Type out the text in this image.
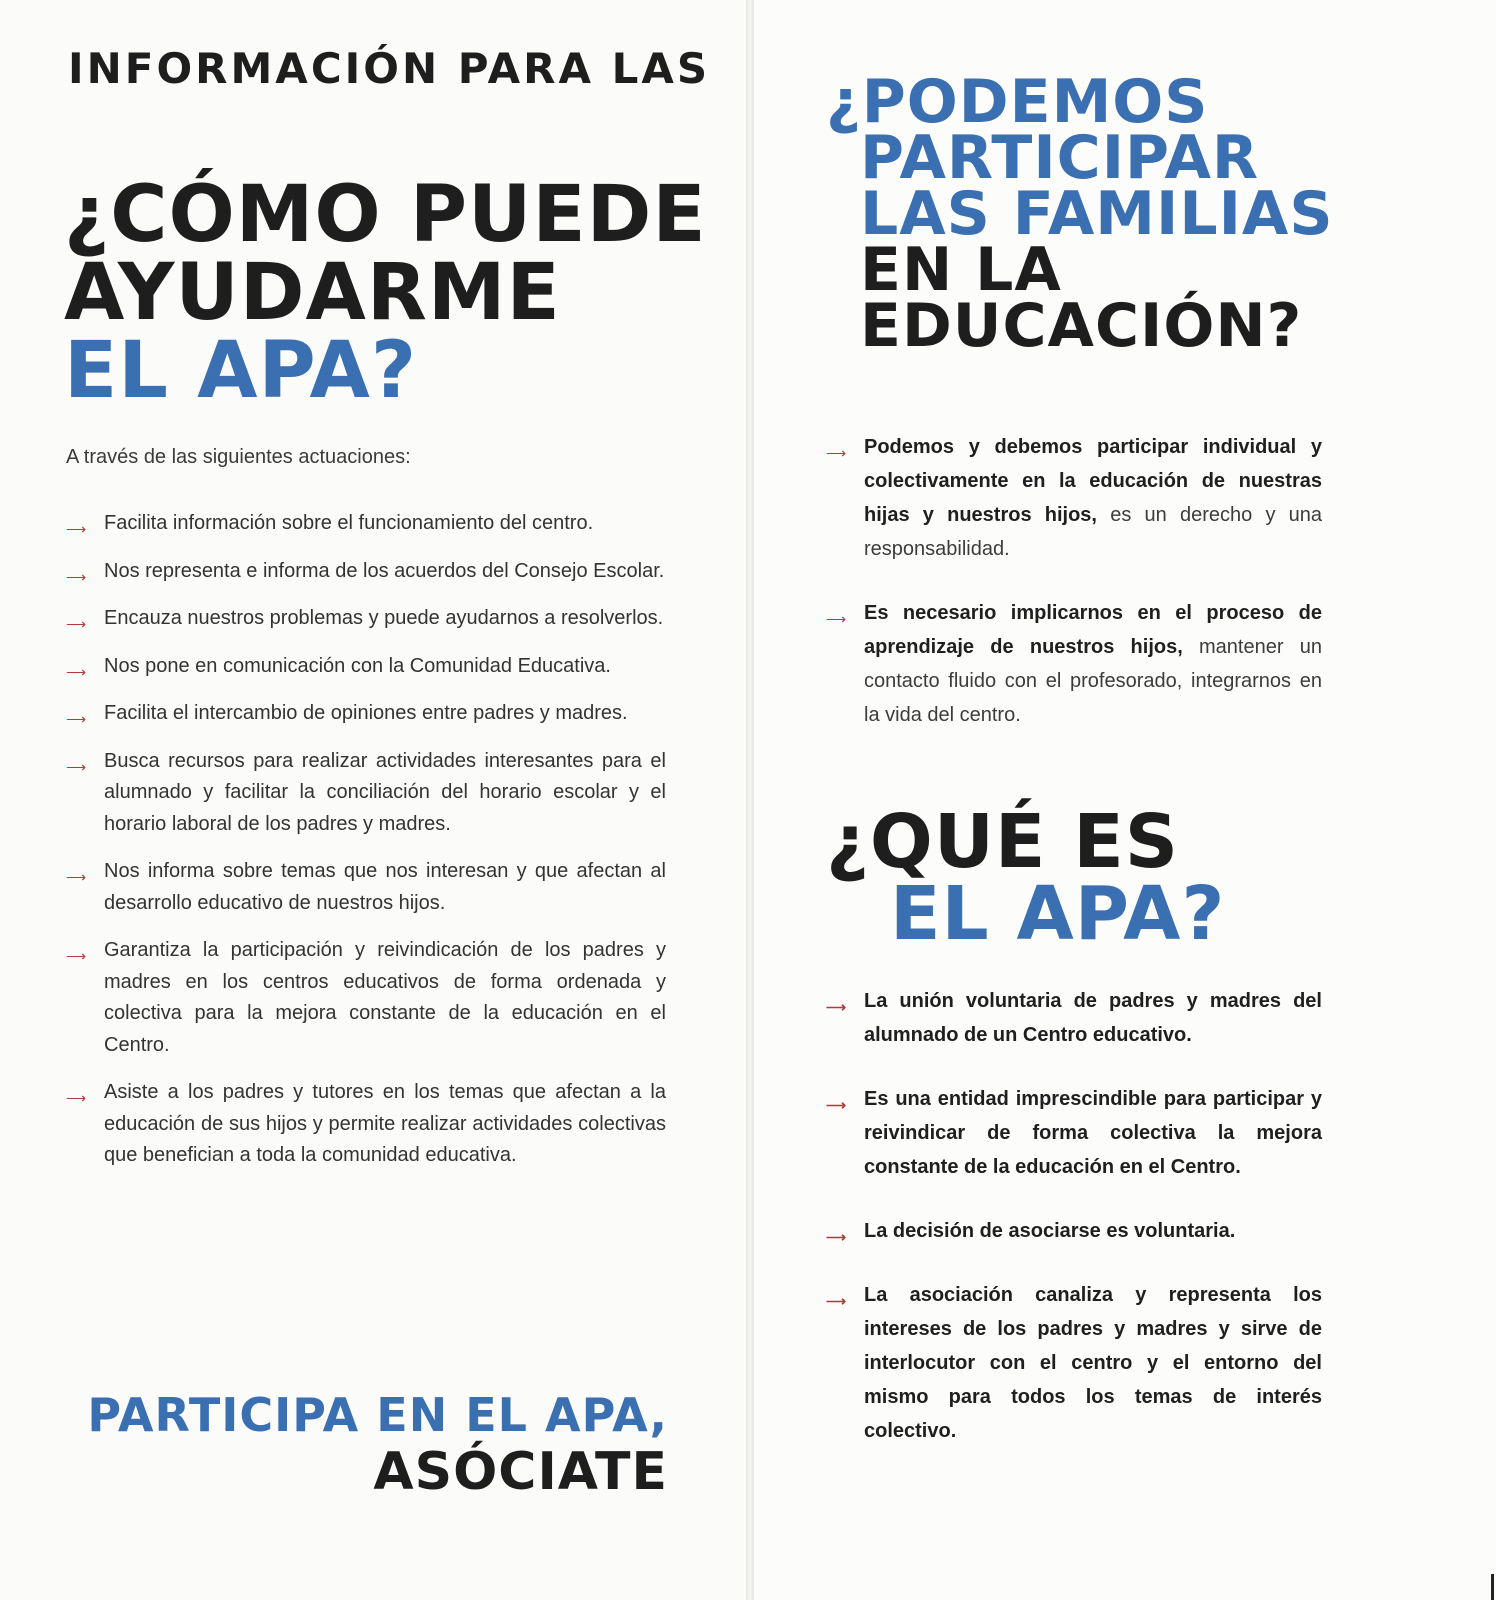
INFORMACIÓN PARA LAS
¿CÓMO PUEDE
AYUDARME
EL APA?
A través de las siguientes actuaciones:
⟶ Facilita información sobre el funcionamiento del centro.
⟶ Nos representa e informa de los acuerdos del Consejo Escolar.
⟶ Encauza nuestros problemas y puede ayudarnos a resolverlos.
⟶ Nos pone en comunicación con la Comunidad Educativa.
⟶ Facilita el intercambio de opiniones entre padres y madres.
⟶ Busca recursos para realizar actividades interesantes para el alumnado y facilitar la conciliación del horario escolar y el horario laboral de los padres y madres.
⟶ Nos informa sobre temas que nos interesan y que afectan al desarrollo educativo de nuestros hijos.
⟶ Garantiza la participación y reivindicación de los padres y madres en los centros educativos de forma ordenada y colectiva para la mejora constante de la educación en el Centro.
⟶ Asiste a los padres y tutores en los temas que afectan a la educación de sus hijos y permite realizar actividades colectivas que benefician a toda la comunidad educativa.
PARTICIPA EN EL APA,
ASÓCIATE
¿PODEMOS
PARTICIPAR
LAS FAMILIAS
EN LA
EDUCACIÓN?
⟶ Podemos y debemos participar individual y colectivamente en la educación de nuestras hijas y nuestros hijos, es un derecho y una responsabilidad.
⟶ Es necesario implicarnos en el proceso de aprendizaje de nuestros hijos, mantener un contacto fluido con el profesorado, integrarnos en la vida del centro.
¿QUÉ ES
EL APA?
⟶ La unión voluntaria de padres y madres del alumnado de un Centro educativo.
⟶ Es una entidad imprescindible para participar y reivindicar de forma colectiva la mejora constante de la educación en el Centro.
⟶ La decisión de asociarse es voluntaria.
⟶ La asociación canaliza y representa los intereses de los padres y madres y sirve de interlocutor con el centro y el entorno del mismo para todos los temas de interés colectivo.
